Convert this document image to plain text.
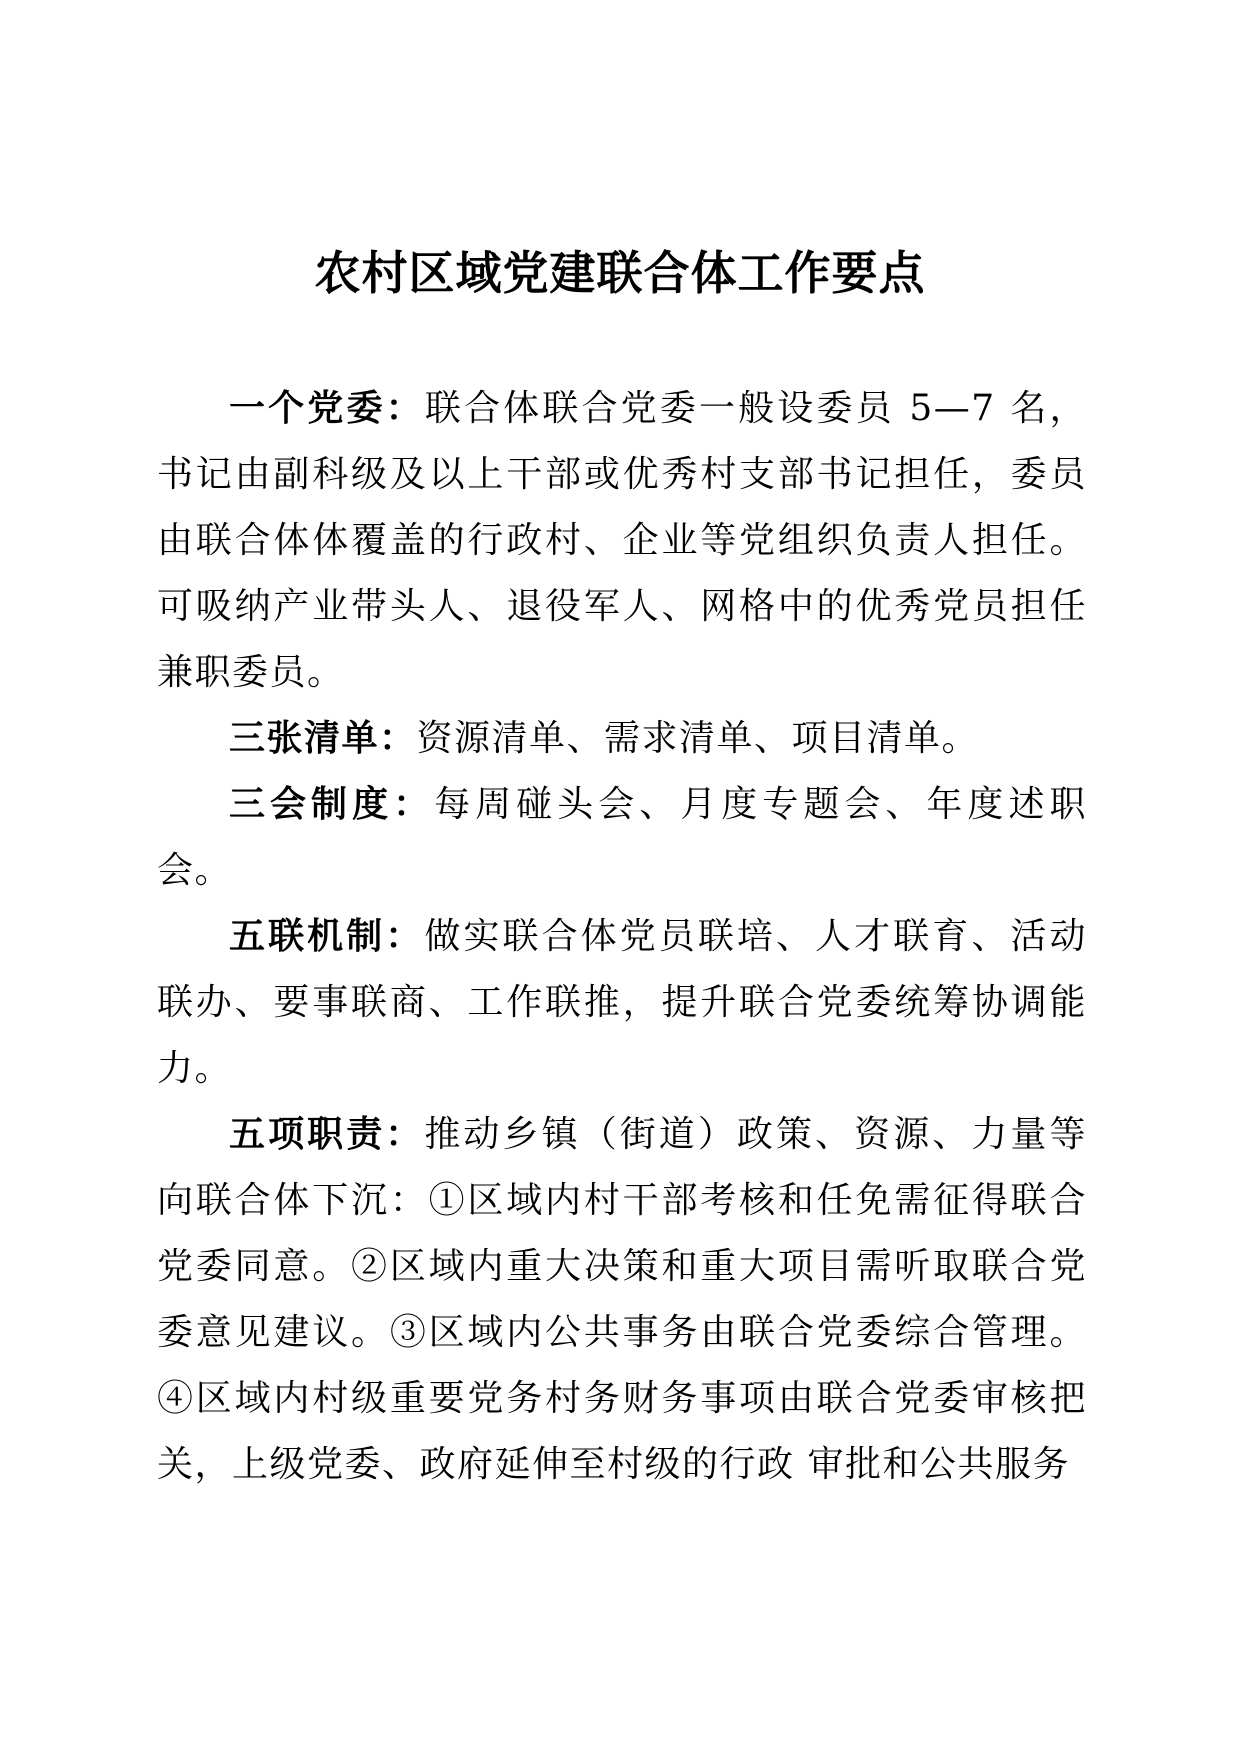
农村区域党建联合体工作要点

一个党委：联合体联合党委一般设委员 5—7 名，书记由副科级及以上干部或优秀村支部书记担任，委员由联合体体覆盖的行政村、企业等党组织负责人担任。可吸纳产业带头人、退役军人、网格中的优秀党员担任兼职委员。

三张清单：资源清单、需求清单、项目清单。

三会制度：每周碰头会、月度专题会、年度述职会。

五联机制：做实联合体党员联培、人才联育、活动联办、要事联商、工作联推，提升联合党委统筹协调能力。

五项职责：推动乡镇（街道）政策、资源、力量等向联合体下沉：①区域内村干部考核和任免需征得联合党委同意。②区域内重大决策和重大项目需听取联合党委意见建议。③区域内公共事务由联合党委综合管理。④区域内村级重要党务村务财务事项由联合党委审核把关，上级党委、政府延伸至村级的行政 审批和公共服务
